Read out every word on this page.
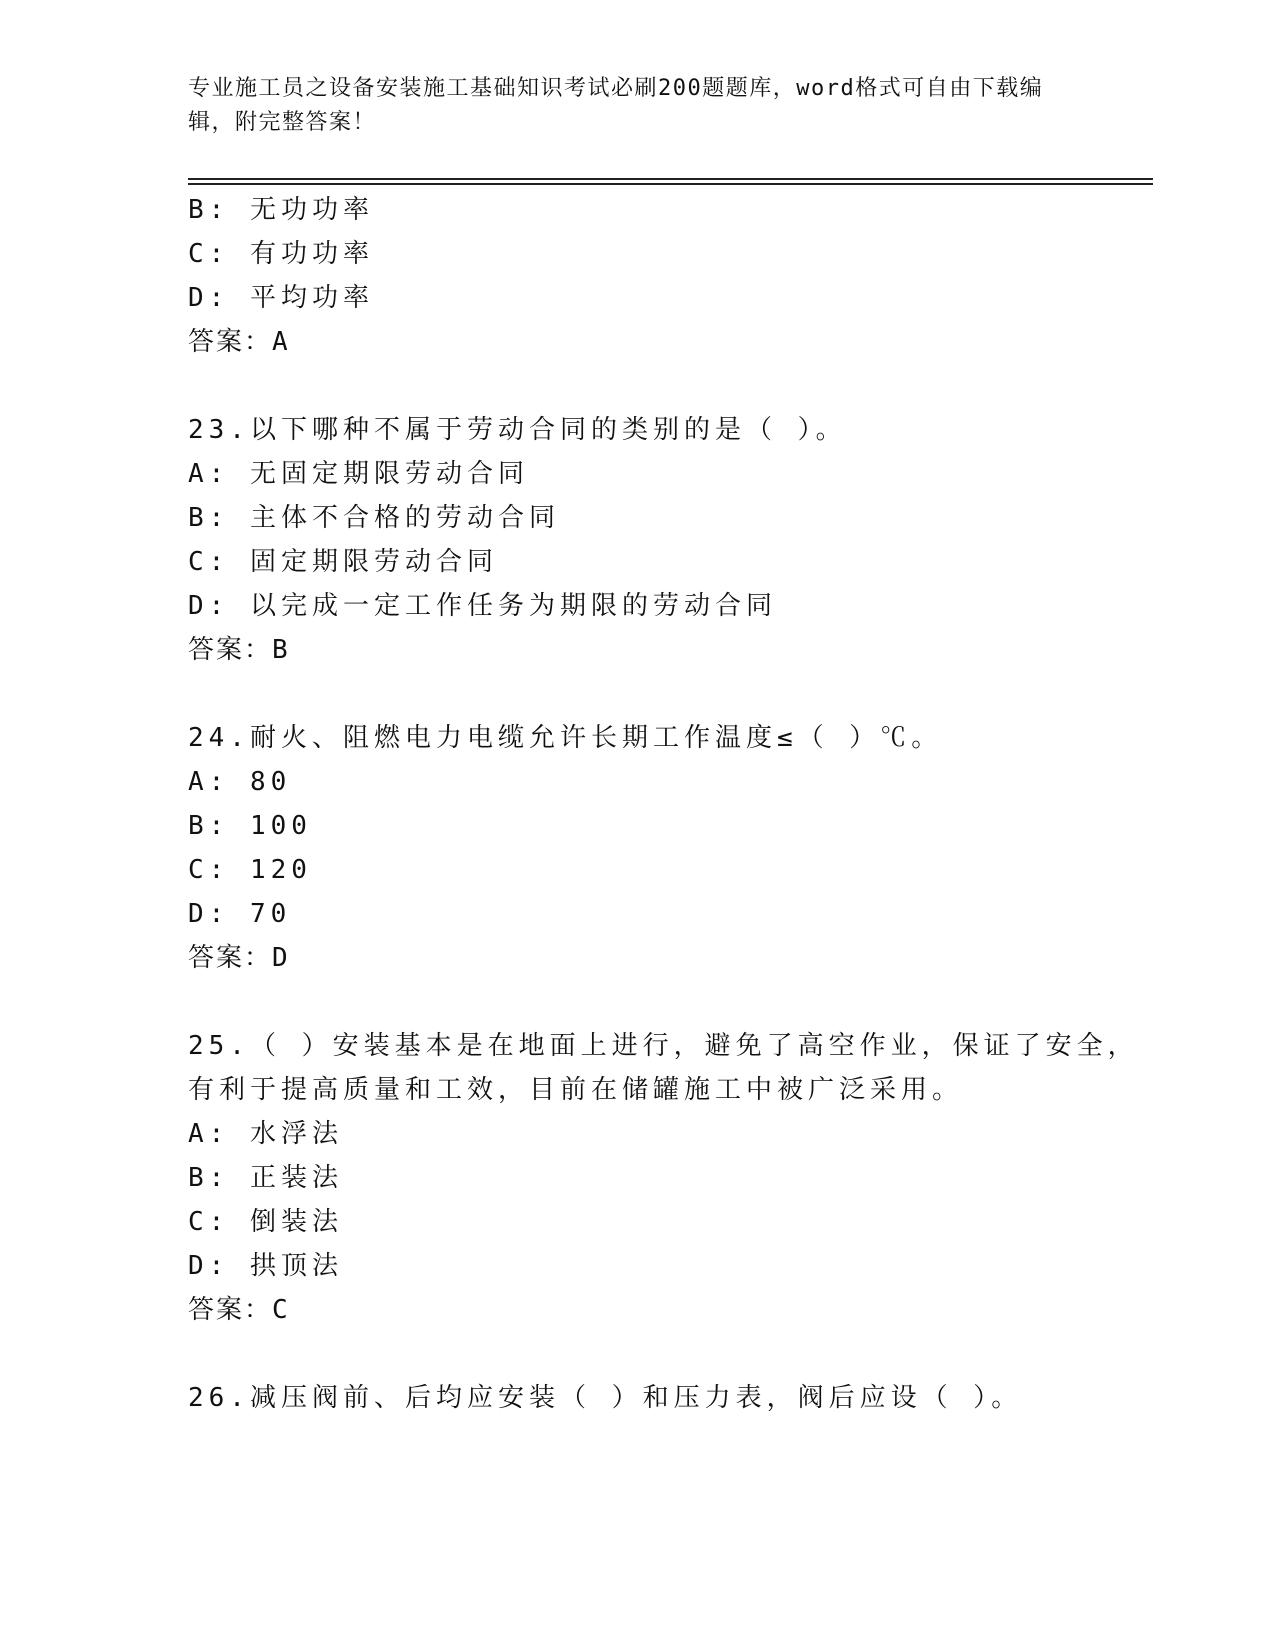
专业施工员之设备安装施工基础知识考试必刷200题题库，word格式可自由下载编辑，附完整答案！
B: 无功功率
C: 有功功率
D: 平均功率
答案：A
23.以下哪种不属于劳动合同的类别的是（ ）。
A: 无固定期限劳动合同
B: 主体不合格的劳动合同
C: 固定期限劳动合同
D: 以完成一定工作任务为期限的劳动合同
答案：B
24.耐火、阻燃电力电缆允许长期工作温度≤（ ）℃。
A: 80
B: 100
C: 120
D: 70
答案：D
25.（ ）安装基本是在地面上进行，避免了高空作业，保证了安全，
有利于提高质量和工效，目前在储罐施工中被广泛采用。
A: 水浮法
B: 正装法
C: 倒装法
D: 拱顶法
答案：C
26.减压阀前、后均应安装（ ）和压力表，阀后应设（ ）。
